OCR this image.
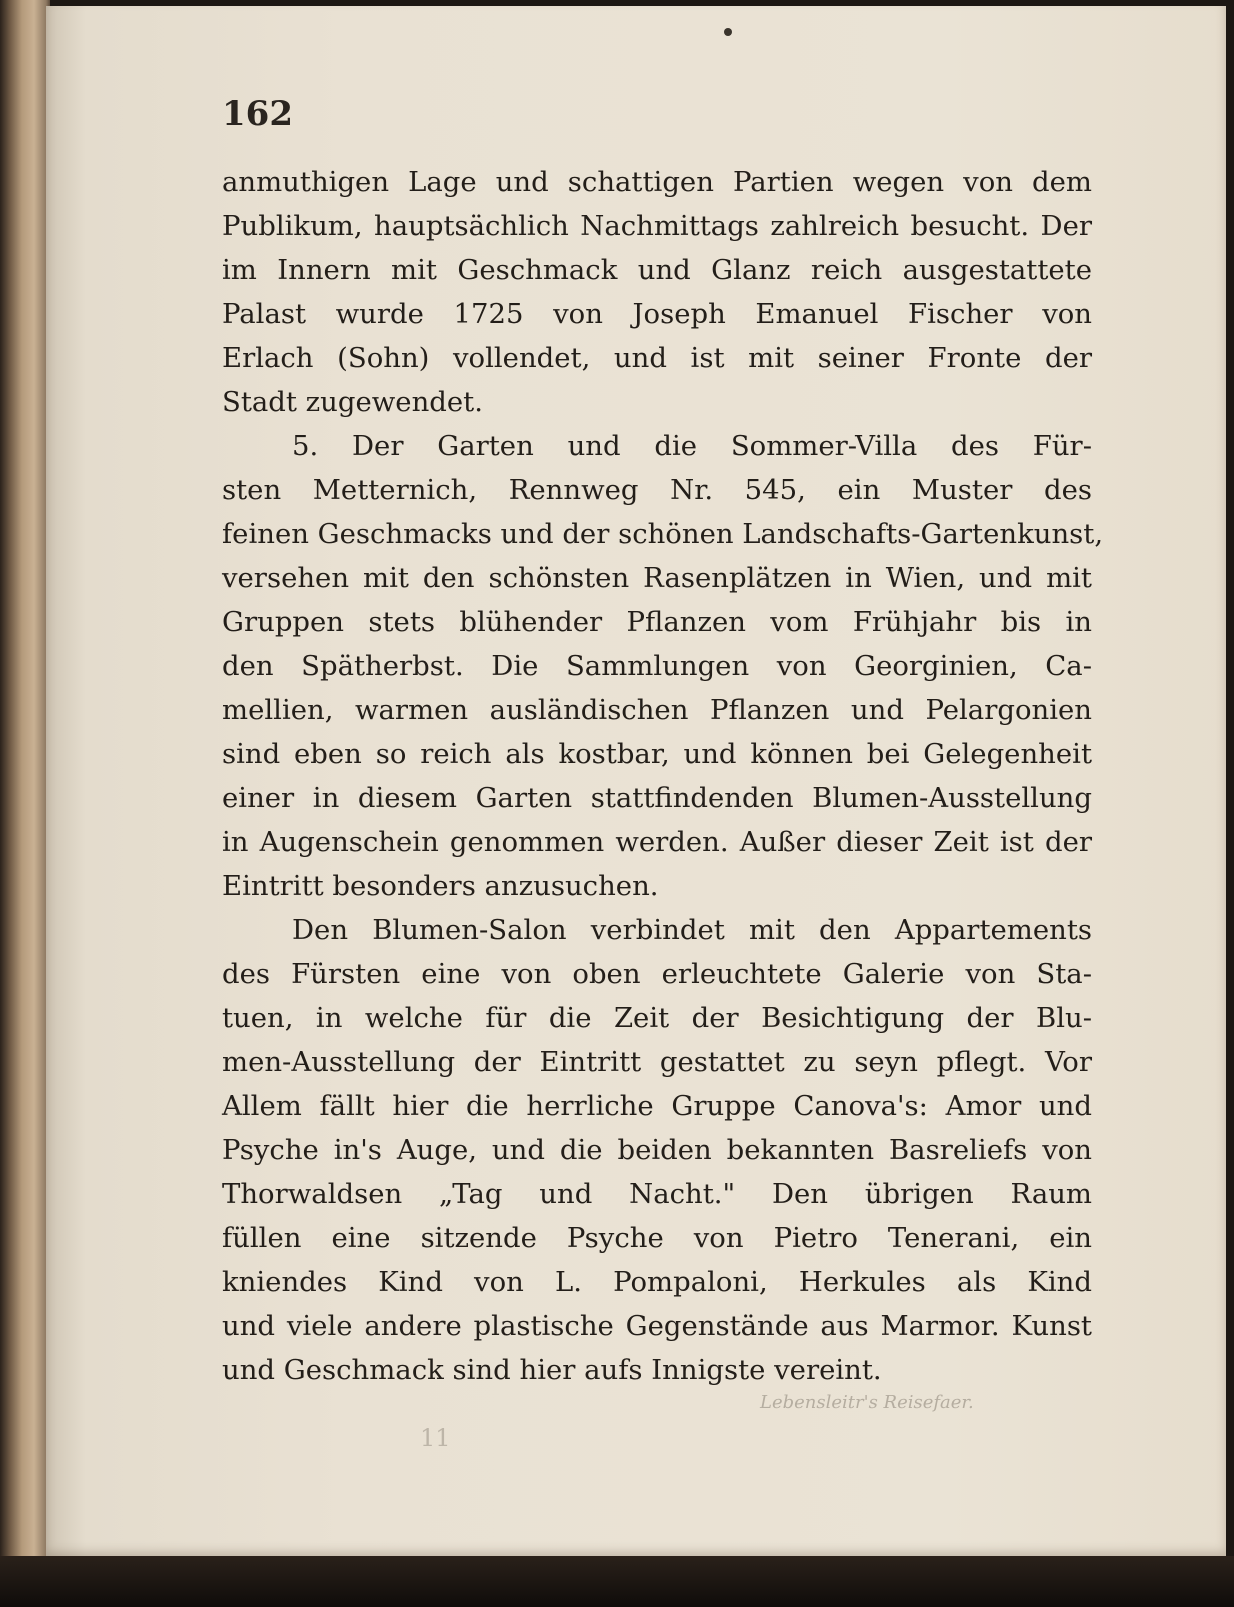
162
Lebensleitr's Reisefaer.
11

anmuthigen Lage und schattigen Partien wegen von dem
Publikum, hauptsächlich Nachmittags zahlreich besucht. Der
im Innern mit Geschmack und Glanz reich ausgestattete
Palast wurde 1725 von Joseph Emanuel Fischer von
Erlach (Sohn) vollendet, und ist mit seiner Fronte der
Stadt zugewendet.

5. Der Garten und die Sommer-Villa des Für-
sten Metternich, Rennweg Nr. 545, ein Muster des
feinen Geschmacks und der schönen Landschafts-Gartenkunst,
versehen mit den schönsten Rasenplätzen in Wien, und mit
Gruppen stets blühender Pflanzen vom Frühjahr bis in
den Spätherbst. Die Sammlungen von Georginien, Ca-
mellien, warmen ausländischen Pflanzen und Pelargonien
sind eben so reich als kostbar, und können bei Gelegenheit
einer in diesem Garten stattfindenden Blumen-Ausstellung
in Augenschein genommen werden. Außer dieser Zeit ist der
Eintritt besonders anzusuchen.

Den Blumen-Salon verbindet mit den Appartements
des Fürsten eine von oben erleuchtete Galerie von Sta-
tuen, in welche für die Zeit der Besichtigung der Blu-
men-Ausstellung der Eintritt gestattet zu seyn pflegt. Vor
Allem fällt hier die herrliche Gruppe Canova's: Amor und
Psyche in's Auge, und die beiden bekannten Basreliefs von
Thorwaldsen „Tag und Nacht." Den übrigen Raum
füllen eine sitzende Psyche von Pietro Tenerani, ein
kniendes Kind von L. Pompaloni, Herkules als Kind
und viele andere plastische Gegenstände aus Marmor. Kunst
und Geschmack sind hier aufs Innigste vereint.
